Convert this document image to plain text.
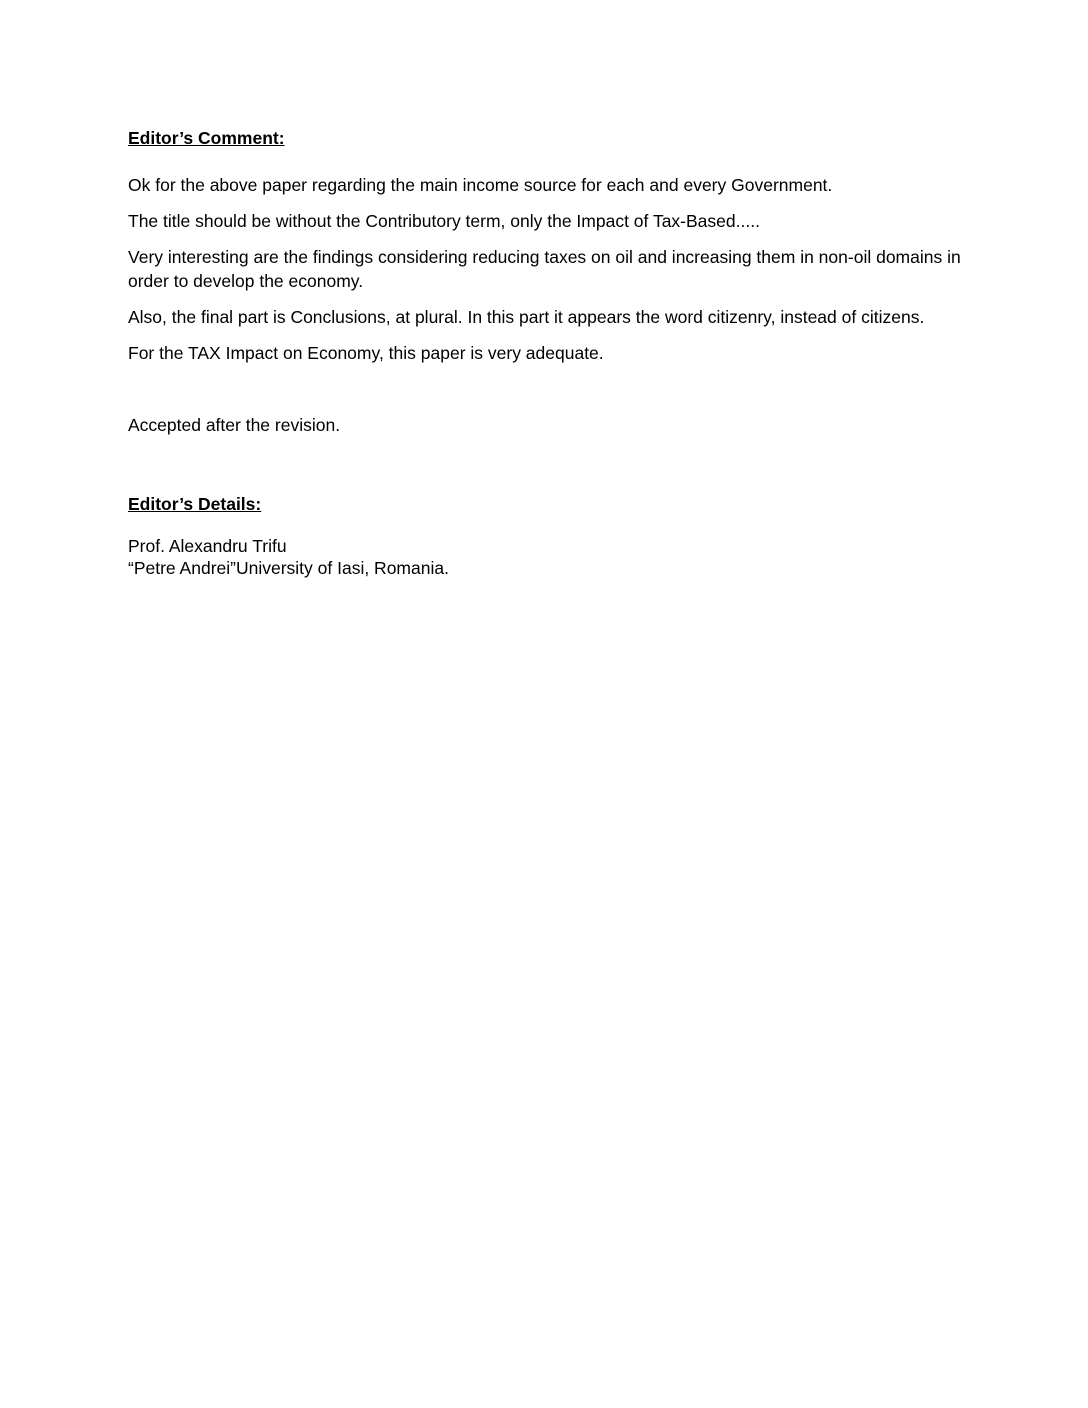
Editor’s Comment:

Ok for the above paper regarding the main income source for each and every Government.

The title should be without the Contributory term, only the Impact of Tax-Based.....

Very interesting are the findings considering reducing taxes on oil and increasing them in non-oil domains in order to develop the economy.

Also, the final part is Conclusions, at plural. In this part it appears the word citizenry, instead of citizens.

For the TAX Impact on Economy, this paper is very adequate.

Accepted after the revision.

Editor’s Details:

Prof. Alexandru Trifu

“Petre Andrei”University of Iasi, Romania.
